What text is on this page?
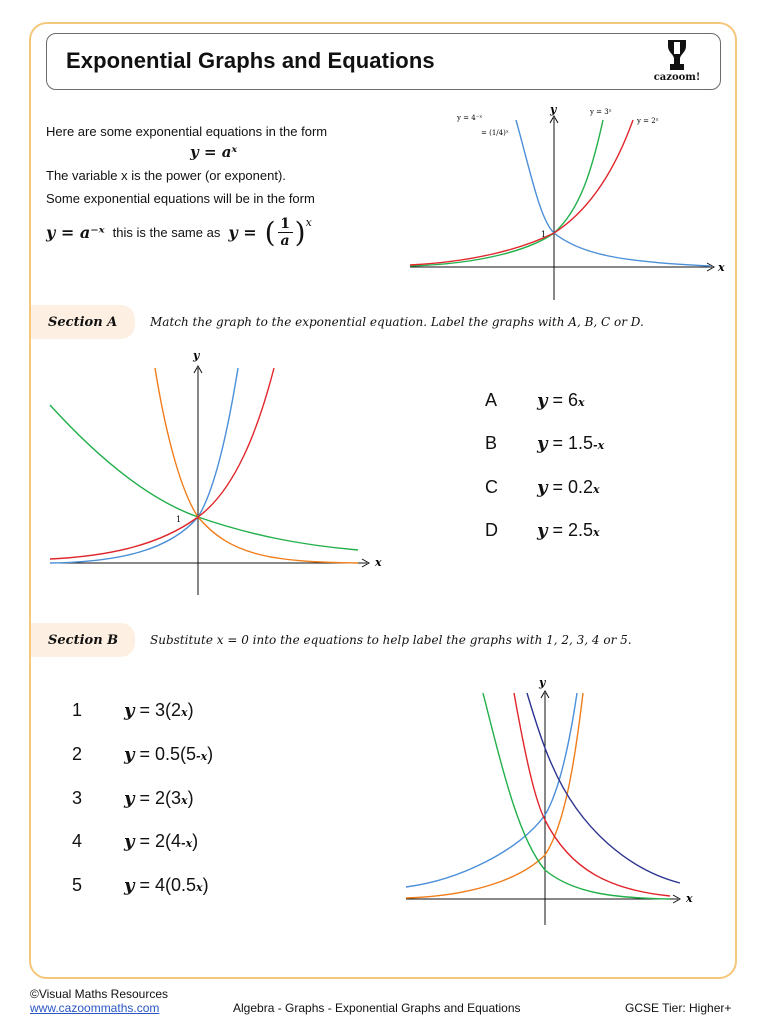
Exponential Graphs and Equations
cazoom!
Here are some exponential equations in the form
y = aˣ
The variable x is the power (or exponent).
Some exponential equations will be in the form
y = a⁻ˣ this is the same as y = ( $\frac{1}{a} )^x$
y = 4⁻ˣ
= (1/4)ˣ
y = 3ˣ
y = 2ˣ
y
x
1
y
x
1
y
x
Section A	Match the graph to the exponential equation. Label the graphs with A, B, C or D.
A	y
= 6 x
B	y
= 1.5 -x
C	y
= 0.2 x
D	y
= 2.5 x
Section B	Substitute x = 0 into the equations to help label the graphs with 1, 2, 3, 4 or 5.
1	y
= 3(2 x )
2	y
= 0.5(5 -x )
3	y
= 2(3 x )
4	y
= 2(4 -x )
5	y
= 4(0.5 x )
©Visual Maths Resources
www.cazoommaths.com	Algebra - Graphs - Exponential Graphs and Equations	GCSE Tier: Higher+
